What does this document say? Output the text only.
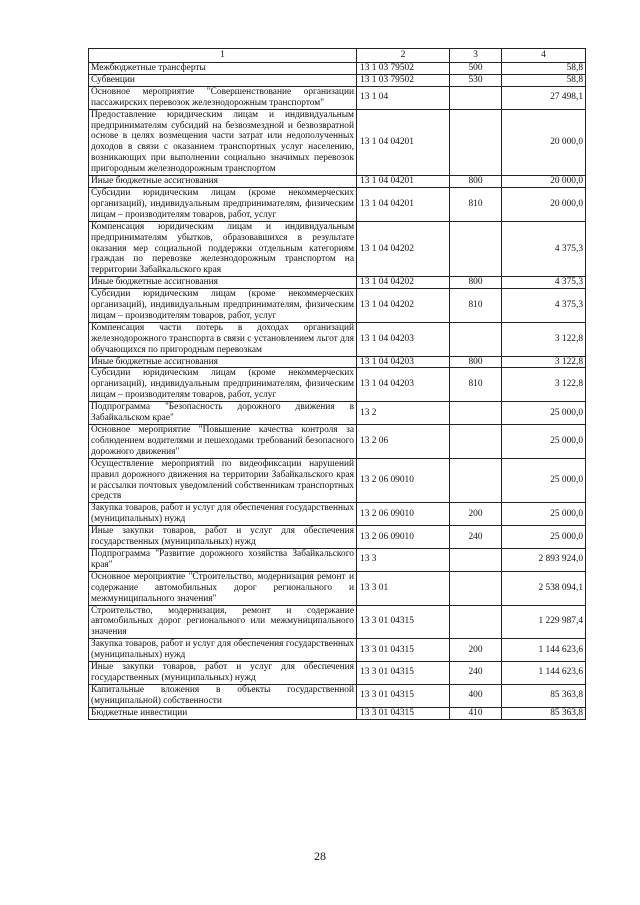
1	2	3	4
Межбюджетные трансферты	13 1 03 79502	500	58,8
Субвенции	13 1 03 79502	530	58,8
Основное мероприятие "Совершенствование организации пассажирских перевозок железнодорожным транспортом"	13 1 04		27 498,1
Предоставление юридическим лицам и индивидуальным предпринимателям субсидий на безвозмездной и безвозвратной основе в целях возмещения части затрат или недополученных доходов в связи с оказанием транспортных услуг населению, возникающих при выполнении социально значимых перевозок пригородным железнодорожным транспортом	13 1 04 04201		20 000,0
Иные бюджетные ассигнования	13 1 04 04201	800	20 000,0
Субсидии юридическим лицам (кроме некоммерческих организаций), индивидуальным предпринимателям, физическим лицам – производителям товаров, работ, услуг	13 1 04 04201	810	20 000,0
Компенсация юридическим лицам и индивидуальным предпринимателям убытков, образовавшихся в результате оказания мер социальной поддержки отдельным категориям граждан по перевозке железнодорожным транспортом на территории Забайкальского края	13 1 04 04202		4 375,3
Иные бюджетные ассигнования	13 1 04 04202	800	4 375,3
Субсидии юридическим лицам (кроме некоммерческих организаций), индивидуальным предпринимателям, физическим лицам – производителям товаров, работ, услуг	13 1 04 04202	810	4 375,3
Компенсация части потерь в доходах организаций железнодорожного транспорта в связи с установлением льгот для обучающихся по пригородным перевозкам	13 1 04 04203		3 122,8
Иные бюджетные ассигнования	13 1 04 04203	800	3 122,8
Субсидии юридическим лицам (кроме некоммерческих организаций), индивидуальным предпринимателям, физическим лицам – производителям товаров, работ, услуг	13 1 04 04203	810	3 122,8
Подпрограмма "Безопасность дорожного движения в Забайкальском крае"	13 2		25 000,0
Основное мероприятие "Повышение качества контроля за соблюдением водителями и пешеходами требований безопасного дорожного движения"	13 2 06		25 000,0
Осуществление мероприятий по видеофиксации нарушений правил дорожного движения на территории Забайкальского края и рассылки почтовых уведомлений собственникам транспортных средств	13 2 06 09010		25 000,0
Закупка товаров, работ и услуг для обеспечения государственных (муниципальных) нужд	13 2 06 09010	200	25 000,0
Иные закупки товаров, работ и услуг для обеспечения государственных (муниципальных) нужд	13 2 06 09010	240	25 000,0
Подпрограмма "Развитие дорожного хозяйства Забайкальского края"	13 3		2 893 924,0
Основное мероприятие "Строительство, модернизация ремонт и содержание автомобильных дорог регионального и межмуниципального значения"	13 3 01		2 538 094,1
Строительство, модернизация, ремонт и содержание автомобильных дорог регионального или межмуниципального значения	13 3 01 04315		1 229 987,4
Закупка товаров, работ и услуг для обеспечения государственных (муниципальных) нужд	13 3 01 04315	200	1 144 623,6
Иные закупки товаров, работ и услуг для обеспечения государственных (муниципальных) нужд	13 3 01 04315	240	1 144 623,6
Капитальные вложения в объекты государственной (муниципальной) собственности	13 3 01 04315	400	85 363,8
Бюджетные инвестиции	13 3 01 04315	410	85 363,8
28
